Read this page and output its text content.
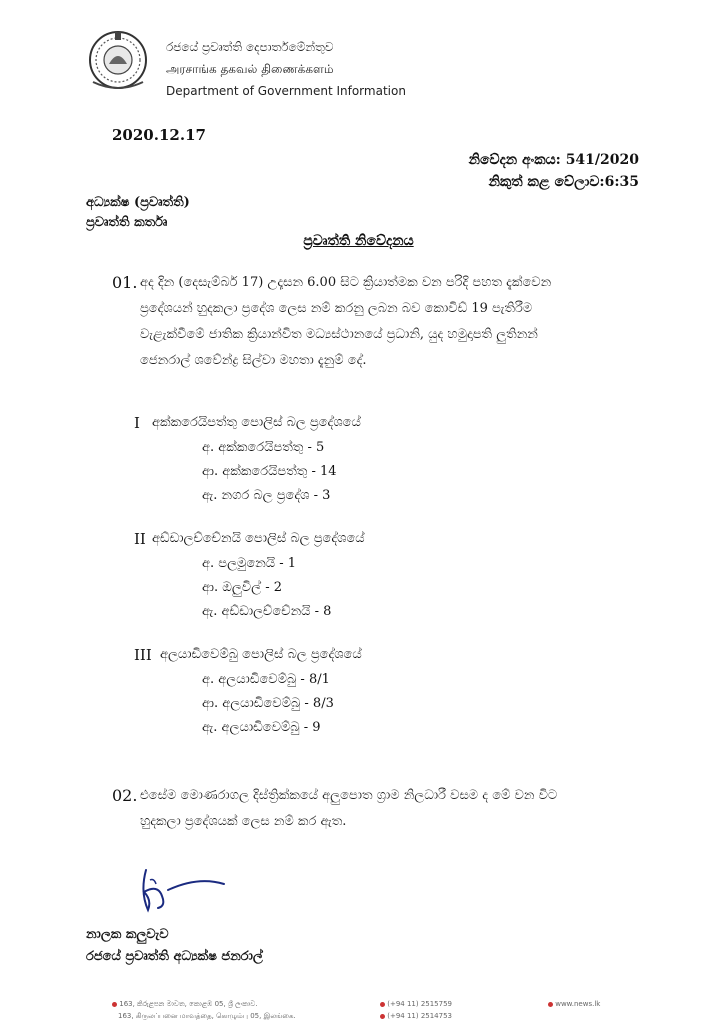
රජයේ ප්‍රවෘත්ති දෙපාර්තමේන්තුව
அரசாங்க தகவல் திணைக்களம்
Department of Government Information
2020.12.17
නිවේදන අංකය: 541/2020
නිකුත් කළ වේලාව:6:35
අධ්‍යක්ෂ (ප්‍රවෘත්ති)
ප්‍රවෘත්ති කර්තෘ
ප්‍රවෘත්ති නිවේදනය
01. අද දින (දෙසැම්බර් 17) උදෑසන 6.00 සිට ක්‍රියාත්මක වන පරිදි පහත දැක්වෙන
ප්‍රදේශයන් හුදකලා ප්‍රදේශ ලෙස නම් කරනු ලබන බව කොවිඩ් 19 පැතිරීම
වැළැක්වීමේ ජාතික ක්‍රියාන්විත මධ්‍යස්ථානයේ ප්‍රධානි, යුද හමුදාපති ලුතිනන්
ජෙනරාල් ශවේන්ද්‍ර සිල්වා මහතා දැනුම් දේ.
I අක්කරෙයිපත්තු පොලිස් බල ප්‍රදේශයේ
අ. අක්කරෙයිපත්තු - 5
ආ. අක්කරෙයිපත්තු - 14
ඇ. නගර බල ප්‍රදේශ - 3
II අඩ්ඩාලච්චේනයි පොලිස් බල ප්‍රදේශයේ
අ. පලමුනෙයි - 1
ආ. ඔලුවිල් - 2
ඇ. අඩ්ඩාලච්චේනයි - 8
III අලයාඩිවෙම්බු පොලිස් බල ප්‍රදේශයේ
අ. අලයාඩිවෙම්බු - 8/1
ආ. අලයාඩිවෙම්බු - 8/3
ඇ. අලයාඩිවෙම්බු - 9
02. එසේම මොණරාගල දිස්ත්‍රික්කයේ අලුපොත ග්‍රාම නිලධාරී වසම ද මේ වන විට
හුදකලා ප්‍රදේශයක් ලෙස නම් කර ඇත.
නාලක කලුවැව
රජයේ ප්‍රවෘත්ති අධ්‍යක්ෂ ජනරාල්
163, කිරුළපන මාවත, කොළඹ 05, ශ්‍රී ලංකාව.
163, கிருலப்பனை மாவத்தை, கொழும்பு 05, இலங்கை.
(+94 11) 2515759
(+94 11) 2514753
www.news.lk
